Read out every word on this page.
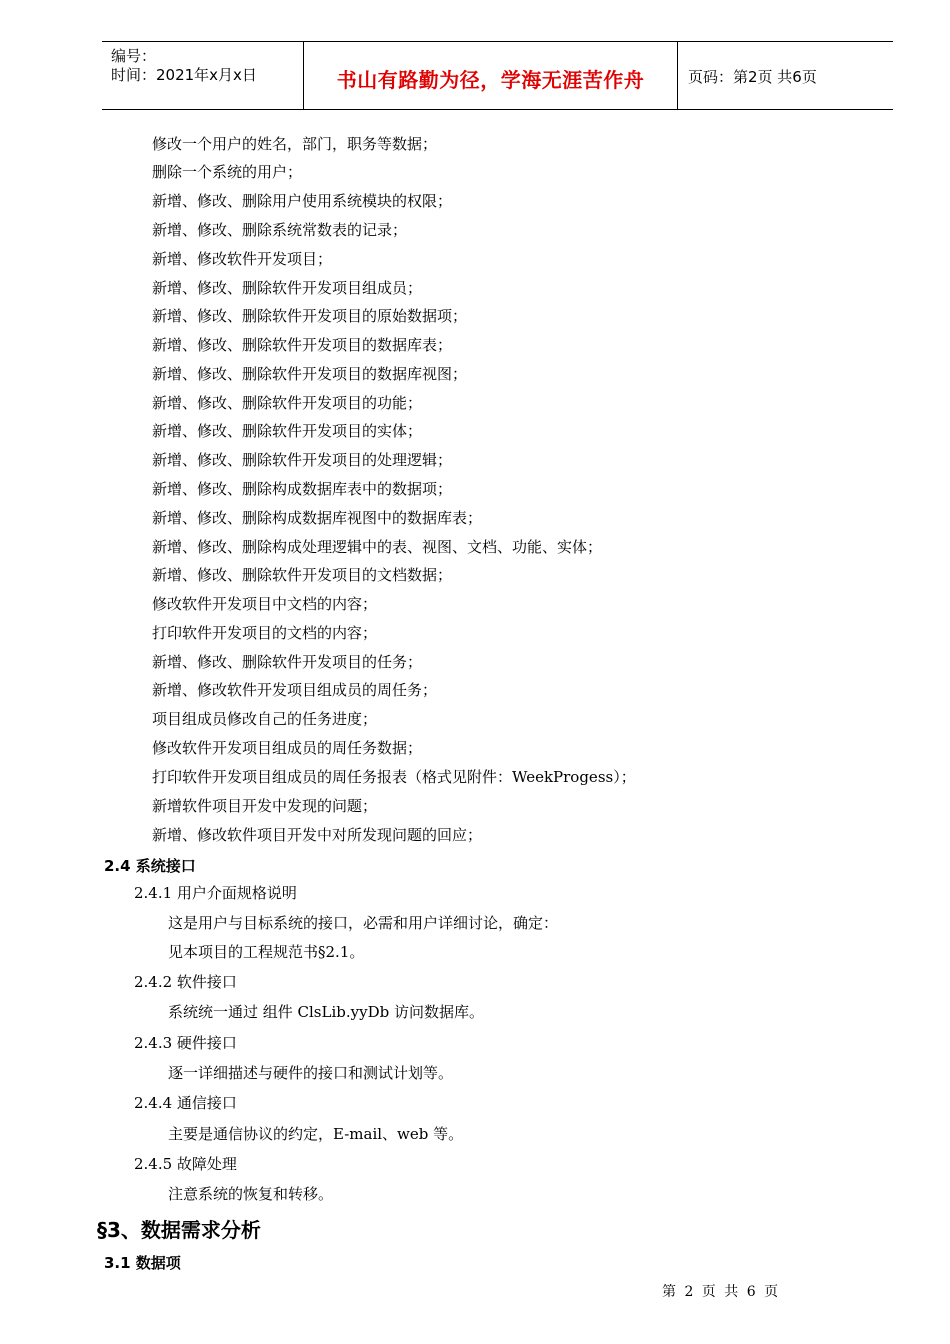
编号：
时间：2021年x月x日	书山有路勤为径，学海无涯苦作舟	页码：第2页 共6页
修改一个用户的姓名，部门，职务等数据；
删除一个系统的用户；
新增、修改、删除用户使用系统模块的权限；
新增、修改、删除系统常数表的记录；
新增、修改软件开发项目；
新增、修改、删除软件开发项目组成员；
新增、修改、删除软件开发项目的原始数据项；
新增、修改、删除软件开发项目的数据库表；
新增、修改、删除软件开发项目的数据库视图；
新增、修改、删除软件开发项目的功能；
新增、修改、删除软件开发项目的实体；
新增、修改、删除软件开发项目的处理逻辑；
新增、修改、删除构成数据库表中的数据项；
新增、修改、删除构成数据库视图中的数据库表；
新增、修改、删除构成处理逻辑中的表、视图、文档、功能、实体；
新增、修改、删除软件开发项目的文档数据；
修改软件开发项目中文档的内容；
打印软件开发项目的文档的内容；
新增、修改、删除软件开发项目的任务；
新增、修改软件开发项目组成员的周任务；
项目组成员修改自己的任务进度；
修改软件开发项目组成员的周任务数据；
打印软件开发项目组成员的周任务报表（格式见附件：WeekProgess）；
新增软件项目开发中发现的问题；
新增、修改软件项目开发中对所发现问题的回应；
2.4 系统接口
2.4.1 用户介面规格说明
这是用户与目标系统的接口，必需和用户详细讨论，确定：
见本项目的工程规范书§2.1。
2.4.2 软件接口
系统统一通过 组件 ClsLib.yyDb 访问数据库。
2.4.3 硬件接口
逐一详细描述与硬件的接口和测试计划等。
2.4.4 通信接口
主要是通信协议的约定，E-mail、web 等。
2.4.5 故障处理
注意系统的恢复和转移。
§3、数据需求分析
3.1 数据项
第 2 页 共 6 页
